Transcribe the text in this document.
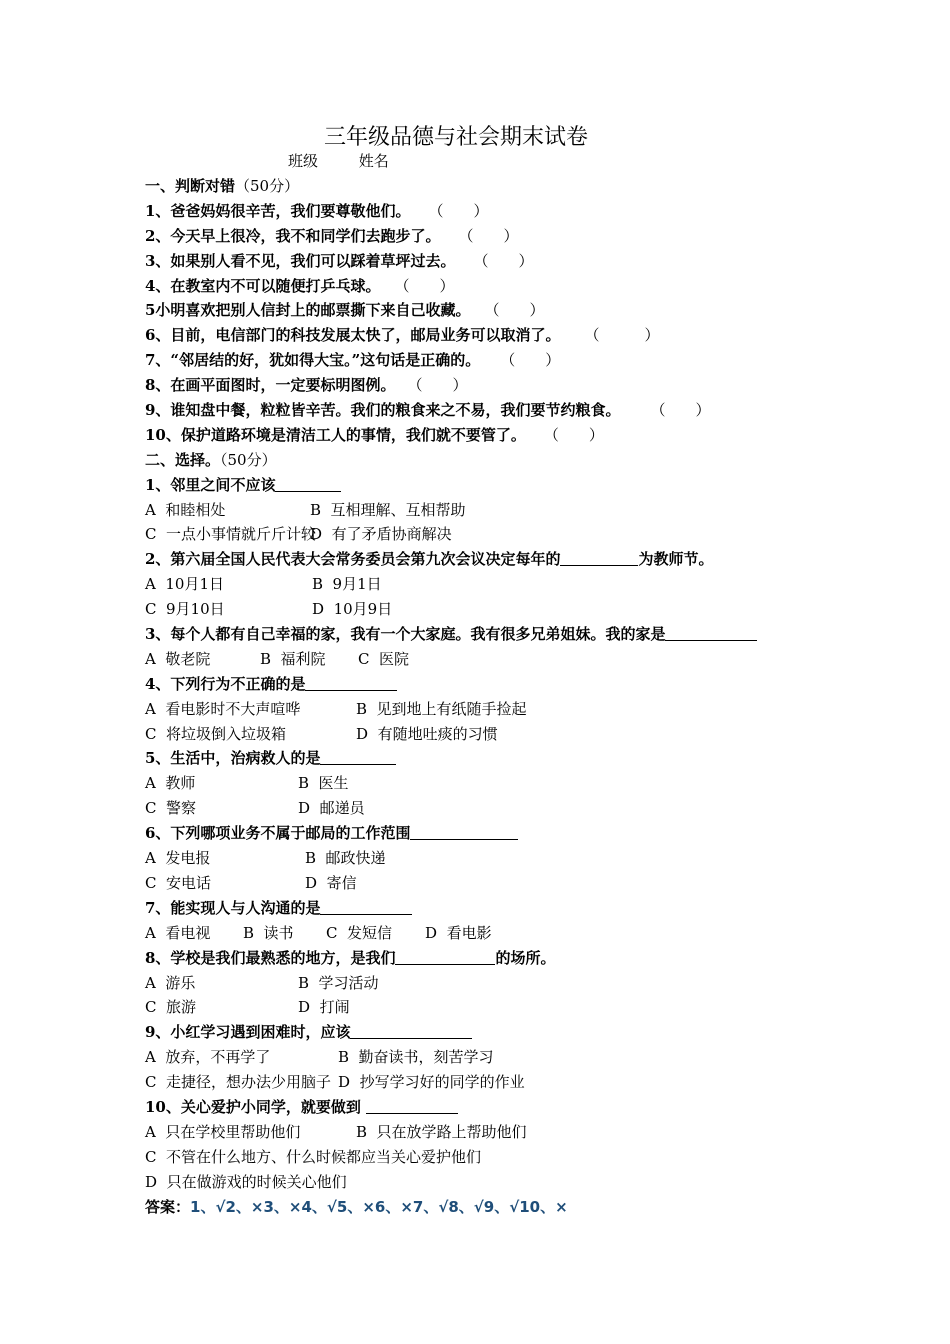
三年级品德与社会期末试卷
班级	姓名
一、判断对错（50分）
1、爸爸妈妈很辛苦，我们要尊敬他们。 （　　）
2、今天早上很冷，我不和同学们去跑步了。 （　　）
3、如果别人看不见，我们可以踩着草坪过去。 （　　）
4、在教室内不可以随便打乒乓球。 （　　）
5小明喜欢把别人信封上的邮票撕下来自己收藏。 （　　）
6、目前，电信部门的科技发展太快了，邮局业务可以取消了。 （　　　）
7、“邻居结的好，犹如得大宝。”这句话是正确的。 （　　）
8、在画平面图时，一定要标明图例。 （　　）
9、谁知盘中餐，粒粒皆辛苦。我们的粮食来之不易，我们要节约粮食。 （　　）
10、保护道路环境是清洁工人的事情，我们就不要管了。 （　　）
二、选择。（50分）
1、邻里之间不应该
A  和睦相处	B  互相理解、互相帮助
C  一点小事情就斤斤计较
D  有了矛盾协商解决
2、第六届全国人民代表大会常务委员会第九次会议决定每年的	为教师节。
A  10月1日	B  9月1日
C  9月10日	D  10月9日
3、每个人都有自己幸福的家，我有一个大家庭。我有很多兄弟姐妹。我的家是
A  敬老院	B  福利院 C  医院
4、下列行为不正确的是
A  看电影时不大声喧哗	B  见到地上有纸随手捡起
C  将垃圾倒入垃圾箱	D  有随地吐痰的习惯
5、生活中，治病救人的是
A  教师	B  医生
C  警察	D  邮递员
6、下列哪项业务不属于邮局的工作范围
A  发电报	B  邮政快递
C  安电话	D  寄信
7、能实现人与人沟通的是
A  看电视 B  读书 C  发短信 D  看电影
8、学校是我们最熟悉的地方，是我们	的场所。
A  游乐	B  学习活动
C  旅游	D  打闹
9、小红学习遇到困难时，应该
A  放弃，不再学了	B  勤奋读书，刻苦学习
C  走捷径，想办法少用脑子 D  抄写学习好的同学的作业
10、关心爱护小同学，就要做到
A  只在学校里帮助他们	B  只在放学路上帮助他们
C  不管在什么地方、什么时候都应当关心爱护他们
D  只在做游戏的时候关心他们
答案：1、√2、×3、×4、√5、×6、×7、√8、√9、√10、×
